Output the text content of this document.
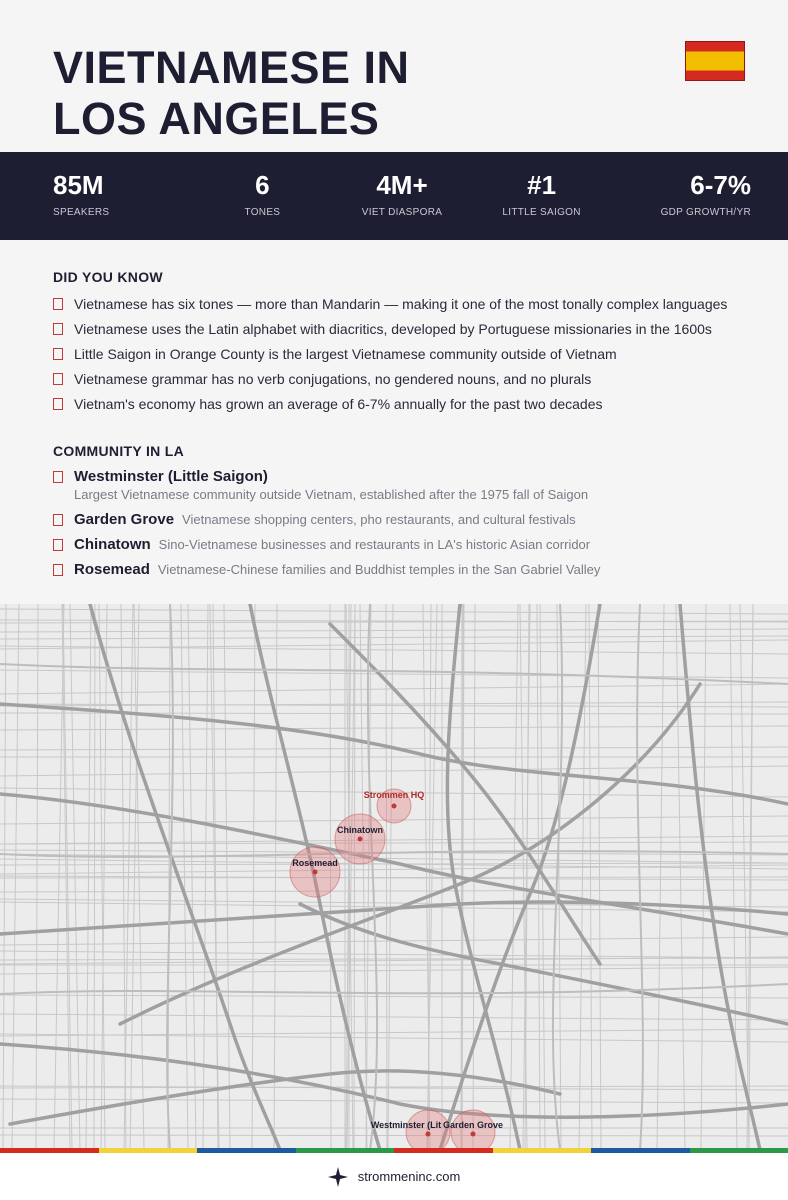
VIETNAMESE IN
LOS ANGELES
85M
SPEAKERS
6
TONES
4M+
VIET DIASPORA
#1
LITTLE SAIGON
6-7%
GDP GROWTH/YR
DID YOU KNOW
Vietnamese has six tones — more than Mandarin — making it one of the most tonally complex languages
Vietnamese uses the Latin alphabet with diacritics, developed by Portuguese missionaries in the 1600s
Little Saigon in Orange County is the largest Vietnamese community outside of Vietnam
Vietnamese grammar has no verb conjugations, no gendered nouns, and no plurals
Vietnam's economy has grown an average of 6-7% annually for the past two decades
COMMUNITY IN LA
Westminster (Little Saigon)
Largest Vietnamese community outside Vietnam, established after the 1975 fall of Saigon
Garden Grove Vietnamese shopping centers, pho restaurants, and cultural festivals
Chinatown Sino-Vietnamese businesses and restaurants in LA's historic Asian corridor
Rosemead Vietnamese-Chinese families and Buddhist temples in the San Gabriel Valley
Strommen HQ
Chinatown
Rosemead
Westminster (Lit Garden Grove
strommeninc.com
